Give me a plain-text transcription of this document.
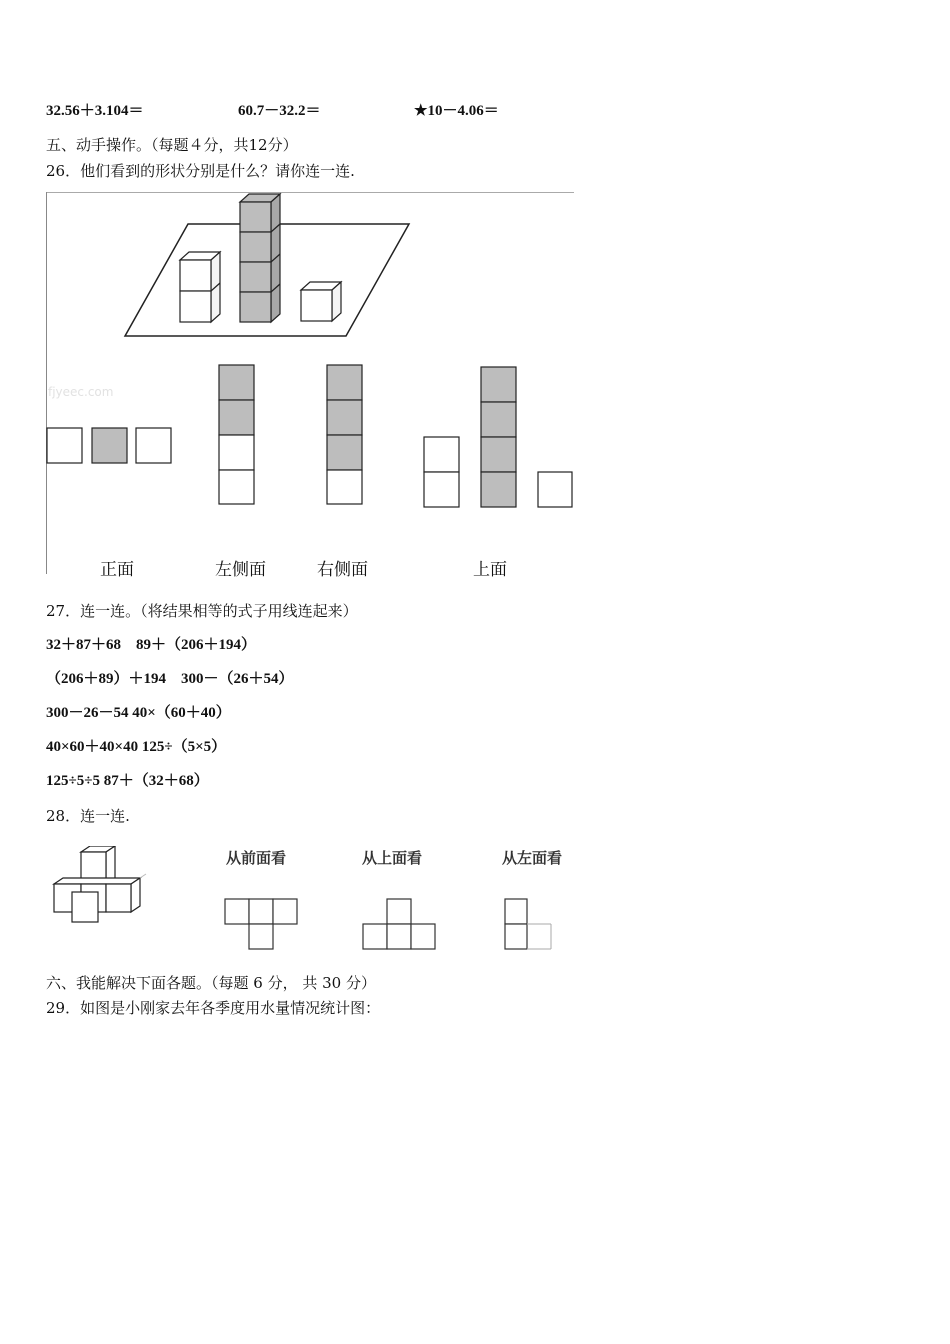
32.56＋3.104＝	60.7－32.2＝	★10－4.06＝
五、动手操作。（每题４分，共12分）
26．他们看到的形状分别是什么？请你连一连.
fjyeec.com
正面	左侧面	右侧面	上面
27．连一连。（将结果相等的式子用线连起来）
32＋87＋68　89＋（206＋194）
（206＋89）＋194　300－（26＋54）
300－26－54 40×（60＋40）
40×60＋40×40 125÷（5×5）
125÷5÷5 87＋（32＋68）
28．连一连.
从前面看	从上面看	从左面看
六、我能解决下面各题。（每题 6 分， 共 30 分）
29．如图是小刚家去年各季度用水量情况统计图：
